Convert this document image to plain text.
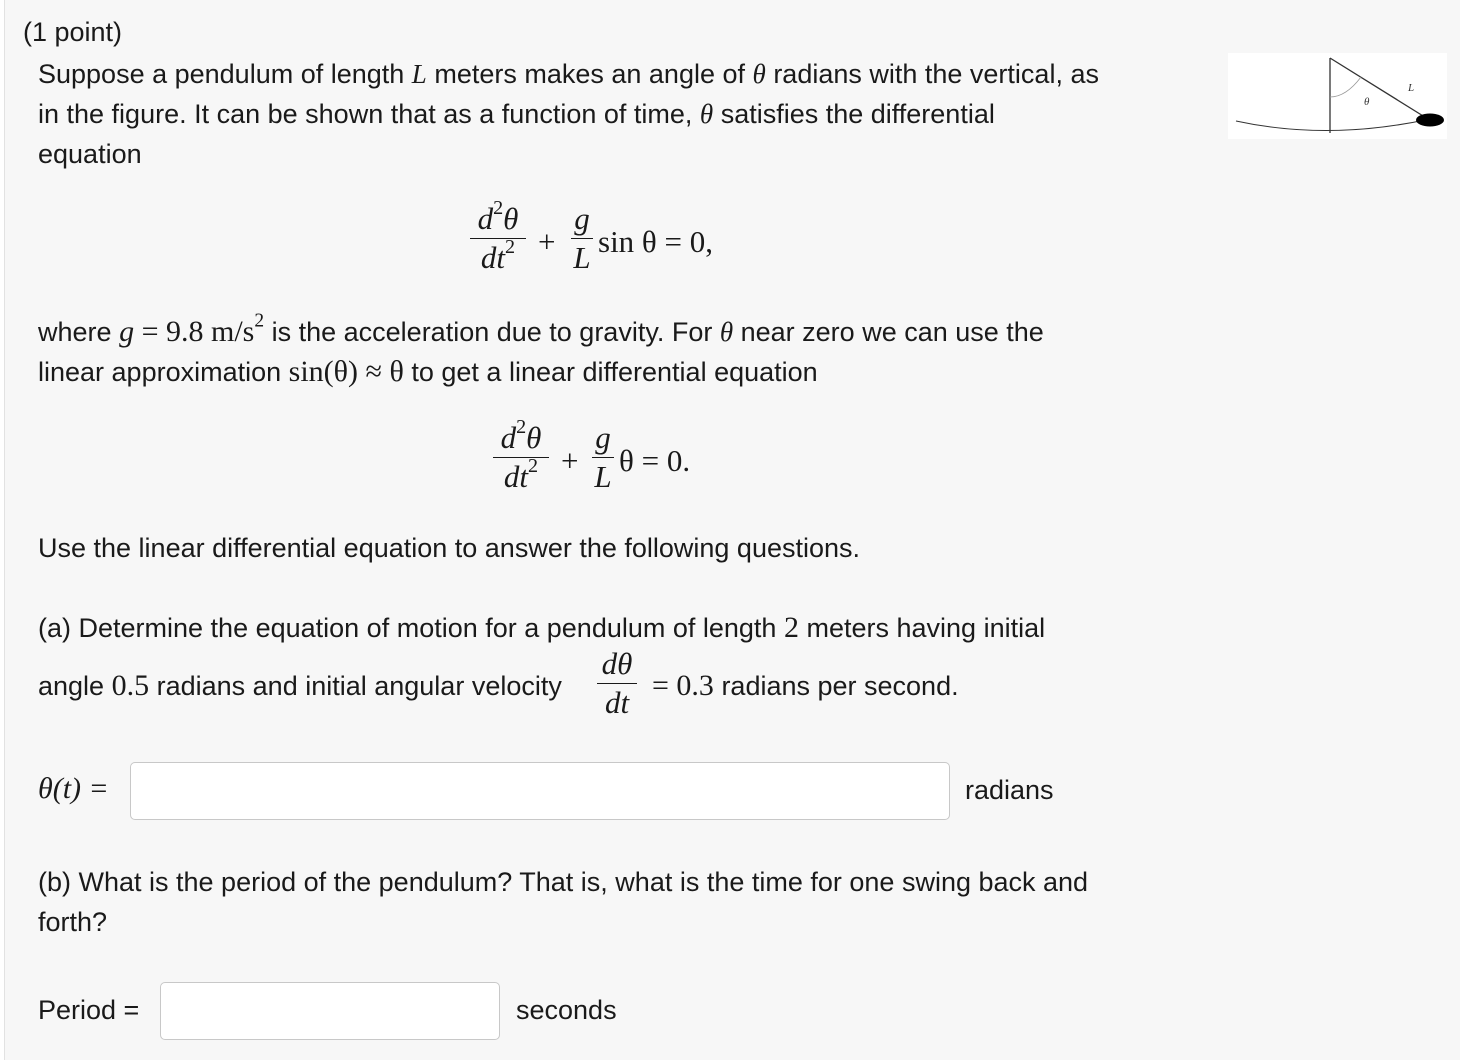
(1 point)
Suppose a pendulum of length L meters makes an angle of θ radians with the vertical, as
in the figure. It can be shown that as a function of time, θ satisfies the differential
equation
$d^2\theta$
$dt^2$ +
g
L sin θ = 0,
where g = 9.8 $m/s^2$ is the acceleration due to gravity. For θ near zero we can use the
linear approximation sin(θ) ≈ θ to get a linear differential equation
$d^2\theta$
$dt^2$ +
g
L θ = 0.
Use the linear differential equation to answer the following questions.
(a) Determine the equation of motion for a pendulum of length 2 meters having initial
angle 0.5 radians and initial angular velocity
dθ
dt = 0.3 radians per second.
θ(t) =	radians
(b) What is the period of the pendulum? That is, what is the time for one swing back and
forth?
Period =	seconds
θ
L
